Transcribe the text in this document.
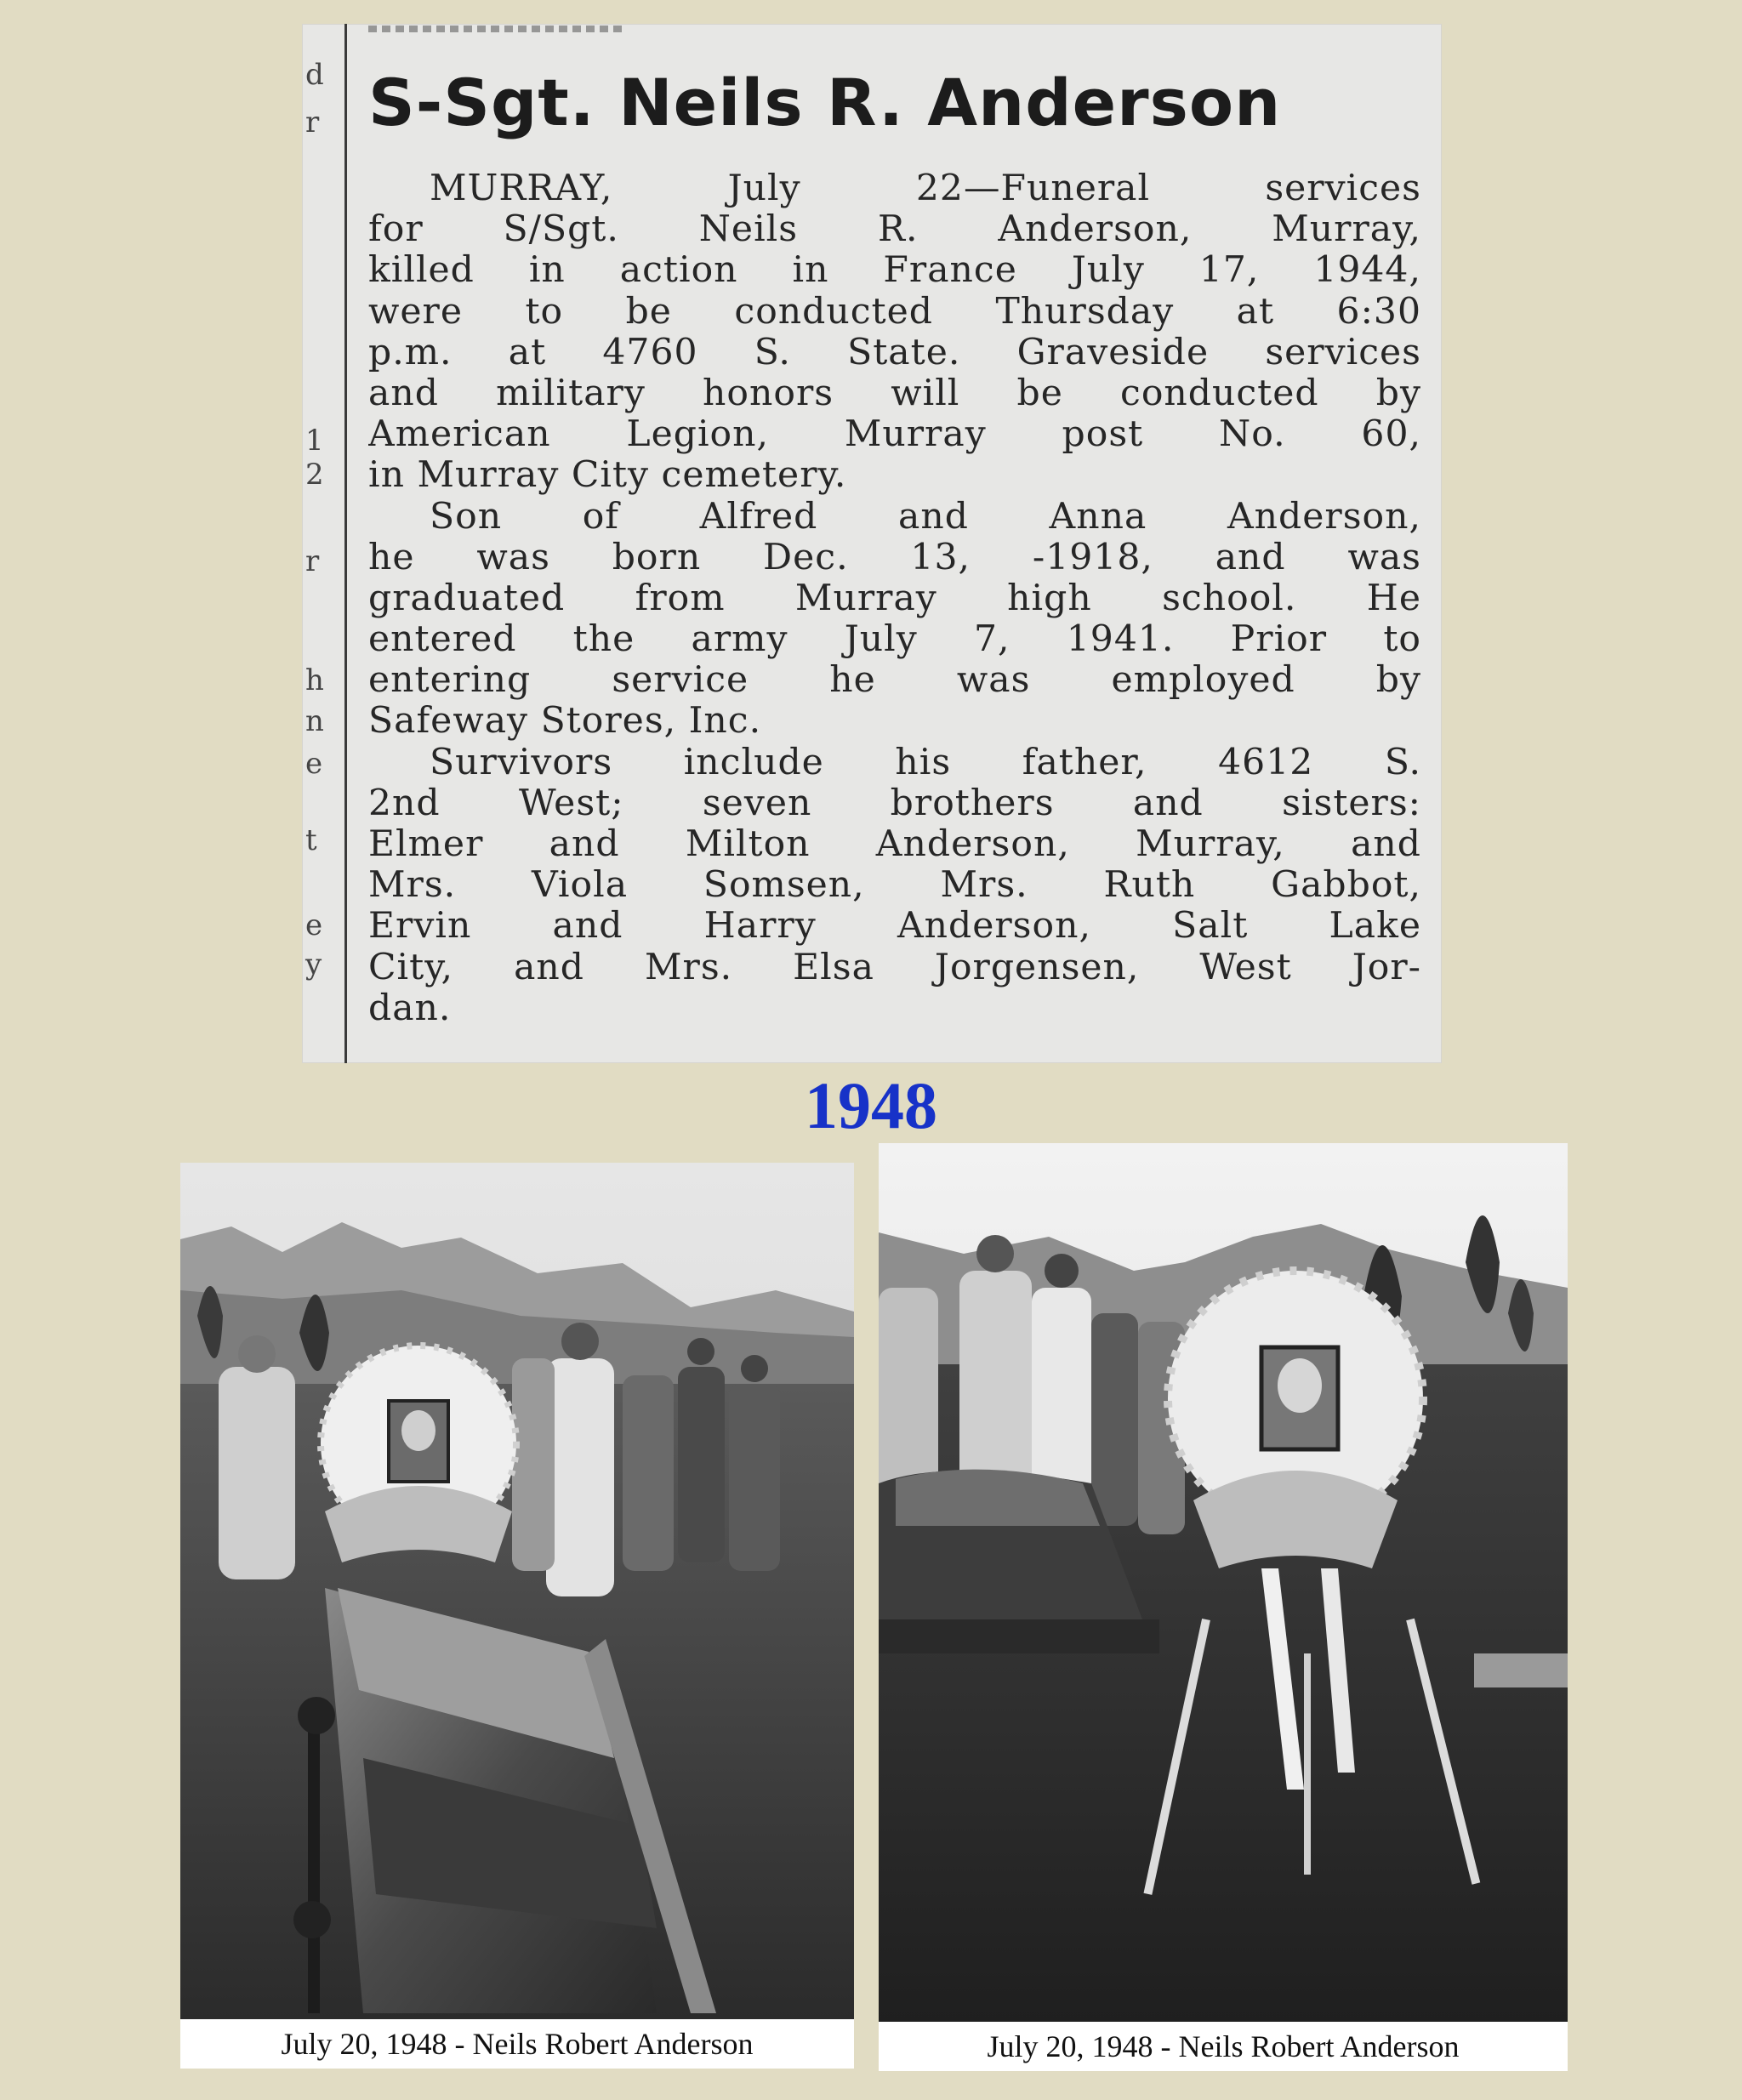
d
r
1
2
r
h
n
e
t
e
y
S-Sgt. Neils R. Anderson
MURRAY, July 22—Funeral services
for S/Sgt. Neils R. Anderson, Murray,
killed in action in France July 17, 1944,
were to be conducted Thursday at 6:30
p.m. at 4760 S. State. Graveside services
and military honors will be conducted by
American Legion, Murray post No. 60,
in Murray City cemetery.
Son of Alfred and Anna Anderson,
he was born Dec. 13, -1918, and was
graduated from Murray high school. He
entered the army July 7, 1941. Prior to
entering service he was employed by
Safeway Stores, Inc.
Survivors include his father, 4612 S.
2nd West; seven brothers and sisters:
Elmer and Milton Anderson, Murray, and
Mrs. Viola Somsen, Mrs. Ruth Gabbot,
Ervin and Harry Anderson, Salt Lake
City, and Mrs. Elsa Jorgensen, West Jor-
dan.
1948
July 20, 1948 - Neils Robert Anderson	July 20, 1948 - Neils Robert Anderson
